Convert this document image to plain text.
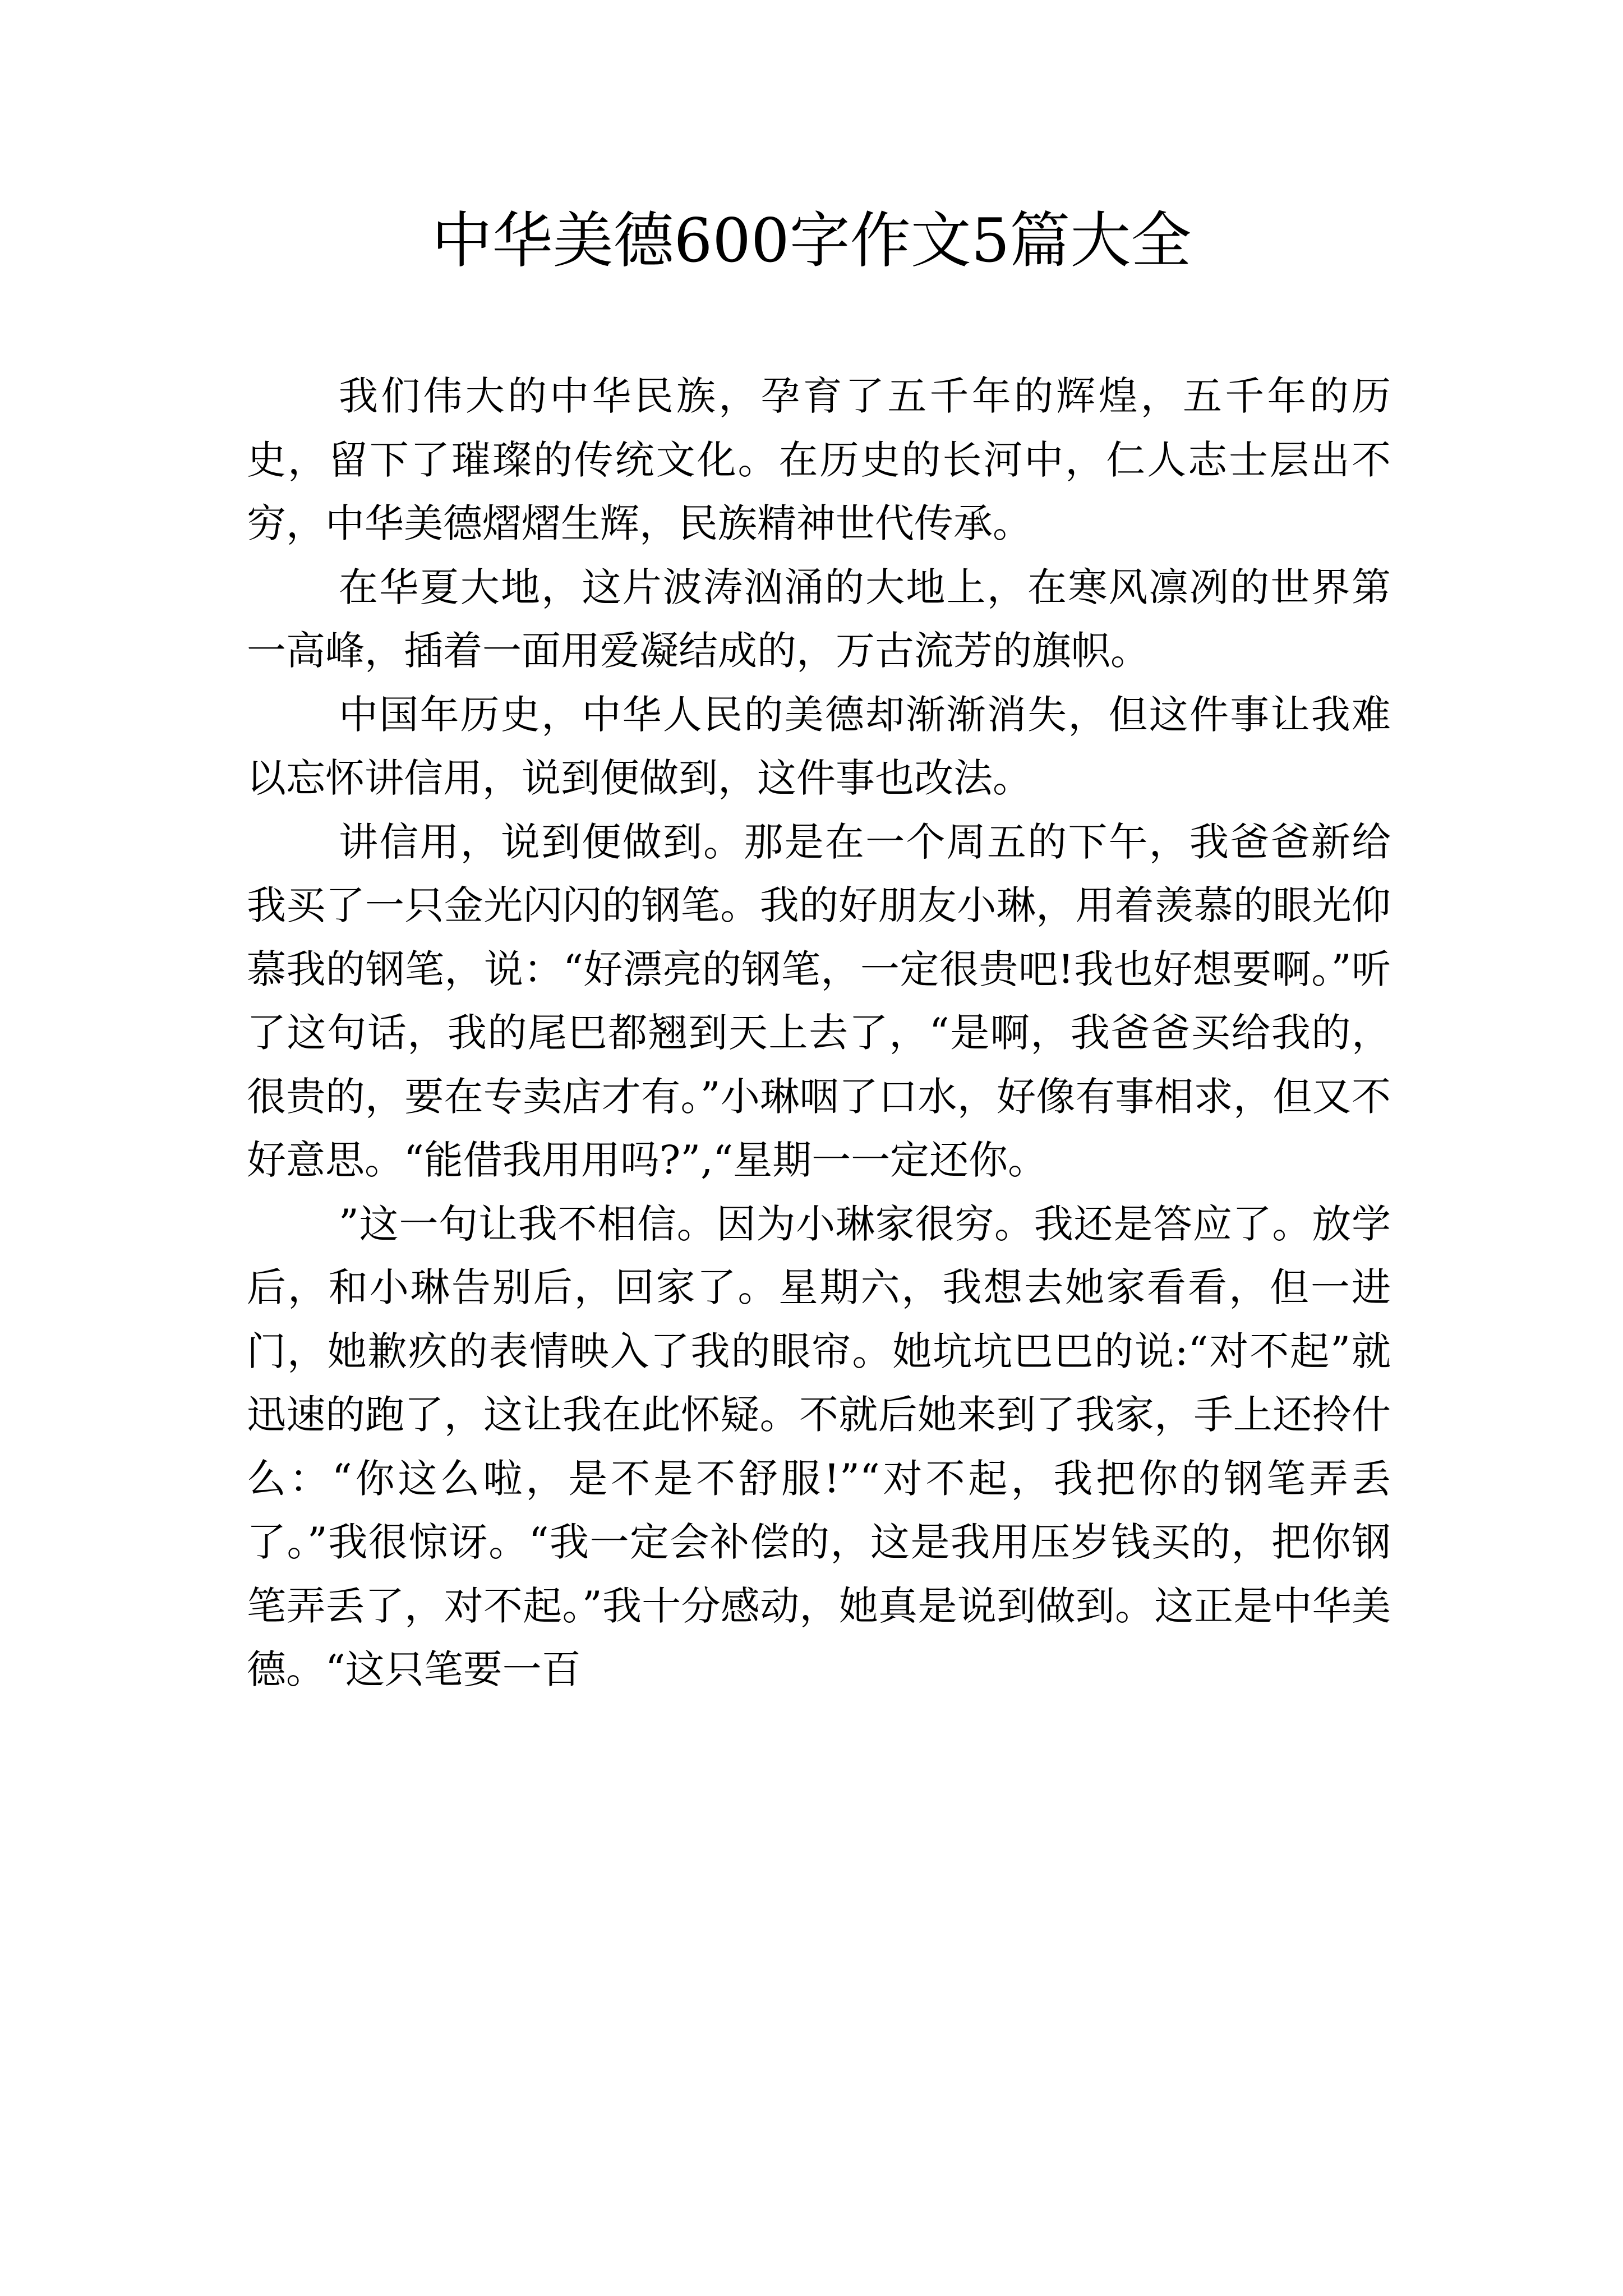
中华美德600字作文5篇大全

我们伟大的中华民族，孕育了五千年的辉煌，五千年的历史，留下了璀璨的传统文化。在历史的长河中，仁人志士层出不穷，中华美德熠熠生辉，民族精神世代传承。

在华夏大地，这片波涛汹涌的大地上，在寒风凛冽的世界第一高峰，插着一面用爱凝结成的，万古流芳的旗帜。

中国年历史，中华人民的美德却渐渐消失，但这件事让我难以忘怀讲信用，说到便做到，这件事也改法。

讲信用，说到便做到。那是在一个周五的下午，我爸爸新给我买了一只金光闪闪的钢笔。我的好朋友小琳，用着羡慕的眼光仰慕我的钢笔，说：“好漂亮的钢笔，一定很贵吧!我也好想要啊。”听了这句话，我的尾巴都翘到天上去了，“是啊，我爸爸买给我的，很贵的，要在专卖店才有。”小琳咽了口水，好像有事相求，但又不好意思。“能借我用用吗?”,“星期一一定还你。

”这一句让我不相信。因为小琳家很穷。我还是答应了。放学后，和小琳告别后，回家了。星期六，我想去她家看看，但一进门，她歉疚的表情映入了我的眼帘。她坑坑巴巴的说:“对不起”就迅速的跑了，这让我在此怀疑。不就后她来到了我家，手上还拎什么：“你这么啦，是不是不舒服!”“对不起，我把你的钢笔弄丢了。”我很惊讶。“我一定会补偿的，这是我用压岁钱买的，把你钢笔弄丢了，对不起。”我十分感动，她真是说到做到。这正是中华美德。“这只笔要一百
